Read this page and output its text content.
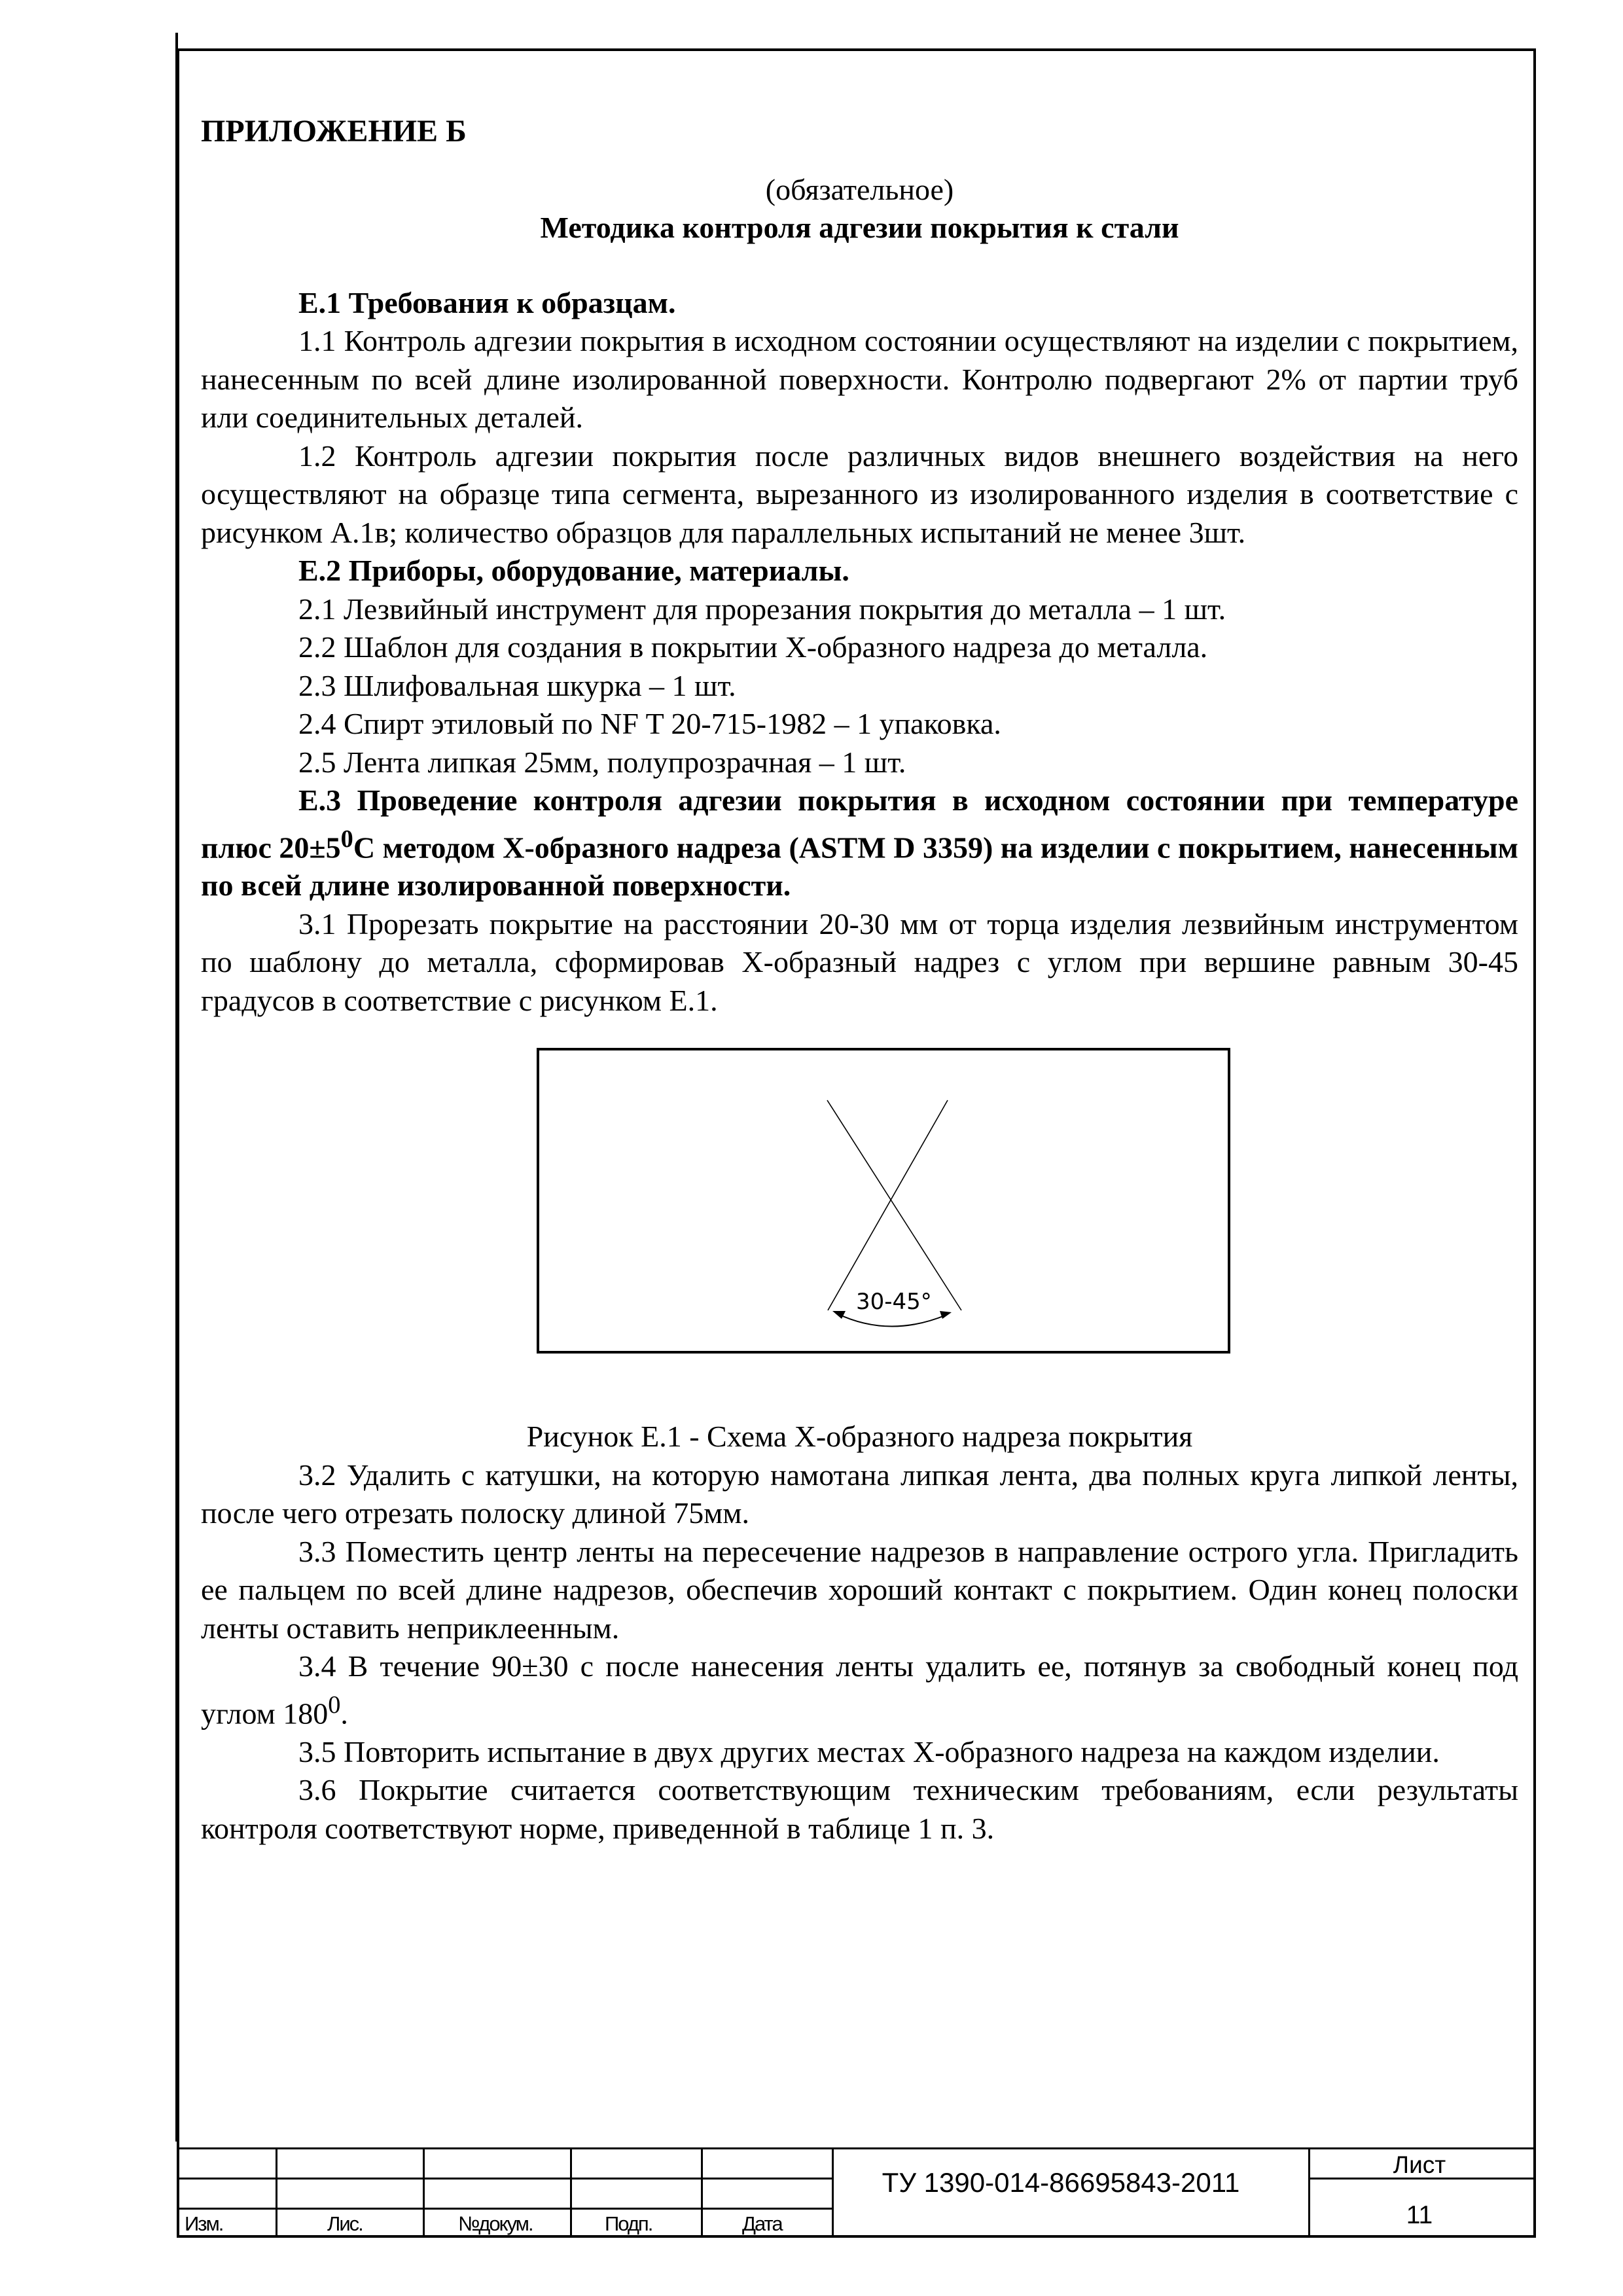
ПРИЛОЖЕНИЕ Б

(обязательное)

Методика контроля адгезии покрытия к стали

Е.1 Требования к образцам.

1.1 Контроль адгезии покрытия в исходном состоянии осуществляют на изделии с покрытием, нанесенным по всей длине изолированной поверхности. Контролю подвергают 2% от партии труб или соединительных деталей.

1.2 Контроль адгезии покрытия после различных видов внешнего воздействия на него осуществляют на образце типа сегмента, вырезанного из изолированного изделия в соответствие с рисунком А.1в; количество образцов для параллельных испытаний не менее 3шт.

Е.2 Приборы, оборудование, материалы.

2.1 Лезвийный инструмент для прорезания покрытия до металла – 1 шт.

2.2 Шаблон для создания в покрытии Х-образного надреза до металла.

2.3 Шлифовальная шкурка – 1 шт.

2.4 Спирт этиловый по NF T 20-715-1982 – 1 упаковка.

2.5 Лента липкая 25мм, полупрозрачная – 1 шт.

Е.3 Проведение контроля адгезии покрытия в исходном состоянии при температуре плюс $20\pm 5^0С$ методом Х-образного надреза (ASTM D 3359) на изделии с покрытием, нанесенным по всей длине изолированной поверхности.

3.1 Прорезать покрытие на расстоянии 20-30 мм от торца изделия лезвийным инструментом по шаблону до металла, сформировав Х-образный надрез с углом при вершине равным 30-45 градусов в соответствие с рисунком Е.1.

30-45°

Рисунок Е.1 - Схема Х-образного надреза покрытия

3.2 Удалить с катушки, на которую намотана липкая лента, два полных круга липкой ленты, после чего отрезать полоску длиной 75мм.

3.3 Поместить центр ленты на пересечение надрезов в направление острого угла. Пригладить ее пальцем по всей длине надрезов, обеспечив хороший контакт с покрытием. Один конец полоски ленты оставить неприклеенным.

3.4 В течение 90±30 с после нанесения ленты удалить ее, потянув за свободный конец под углом $180^0$.

3.5 Повторить испытание в двух других местах Х-образного надреза на каждом изделии.

3.6 Покрытие считается соответствующим техническим требованиям, если результаты контроля соответствуют норме, приведенной в таблице 1 п. 3.

Изм.	Лис.	№докум.	Подп.	Дата
ТУ 1390-014-86695843-2011
Лист
11
